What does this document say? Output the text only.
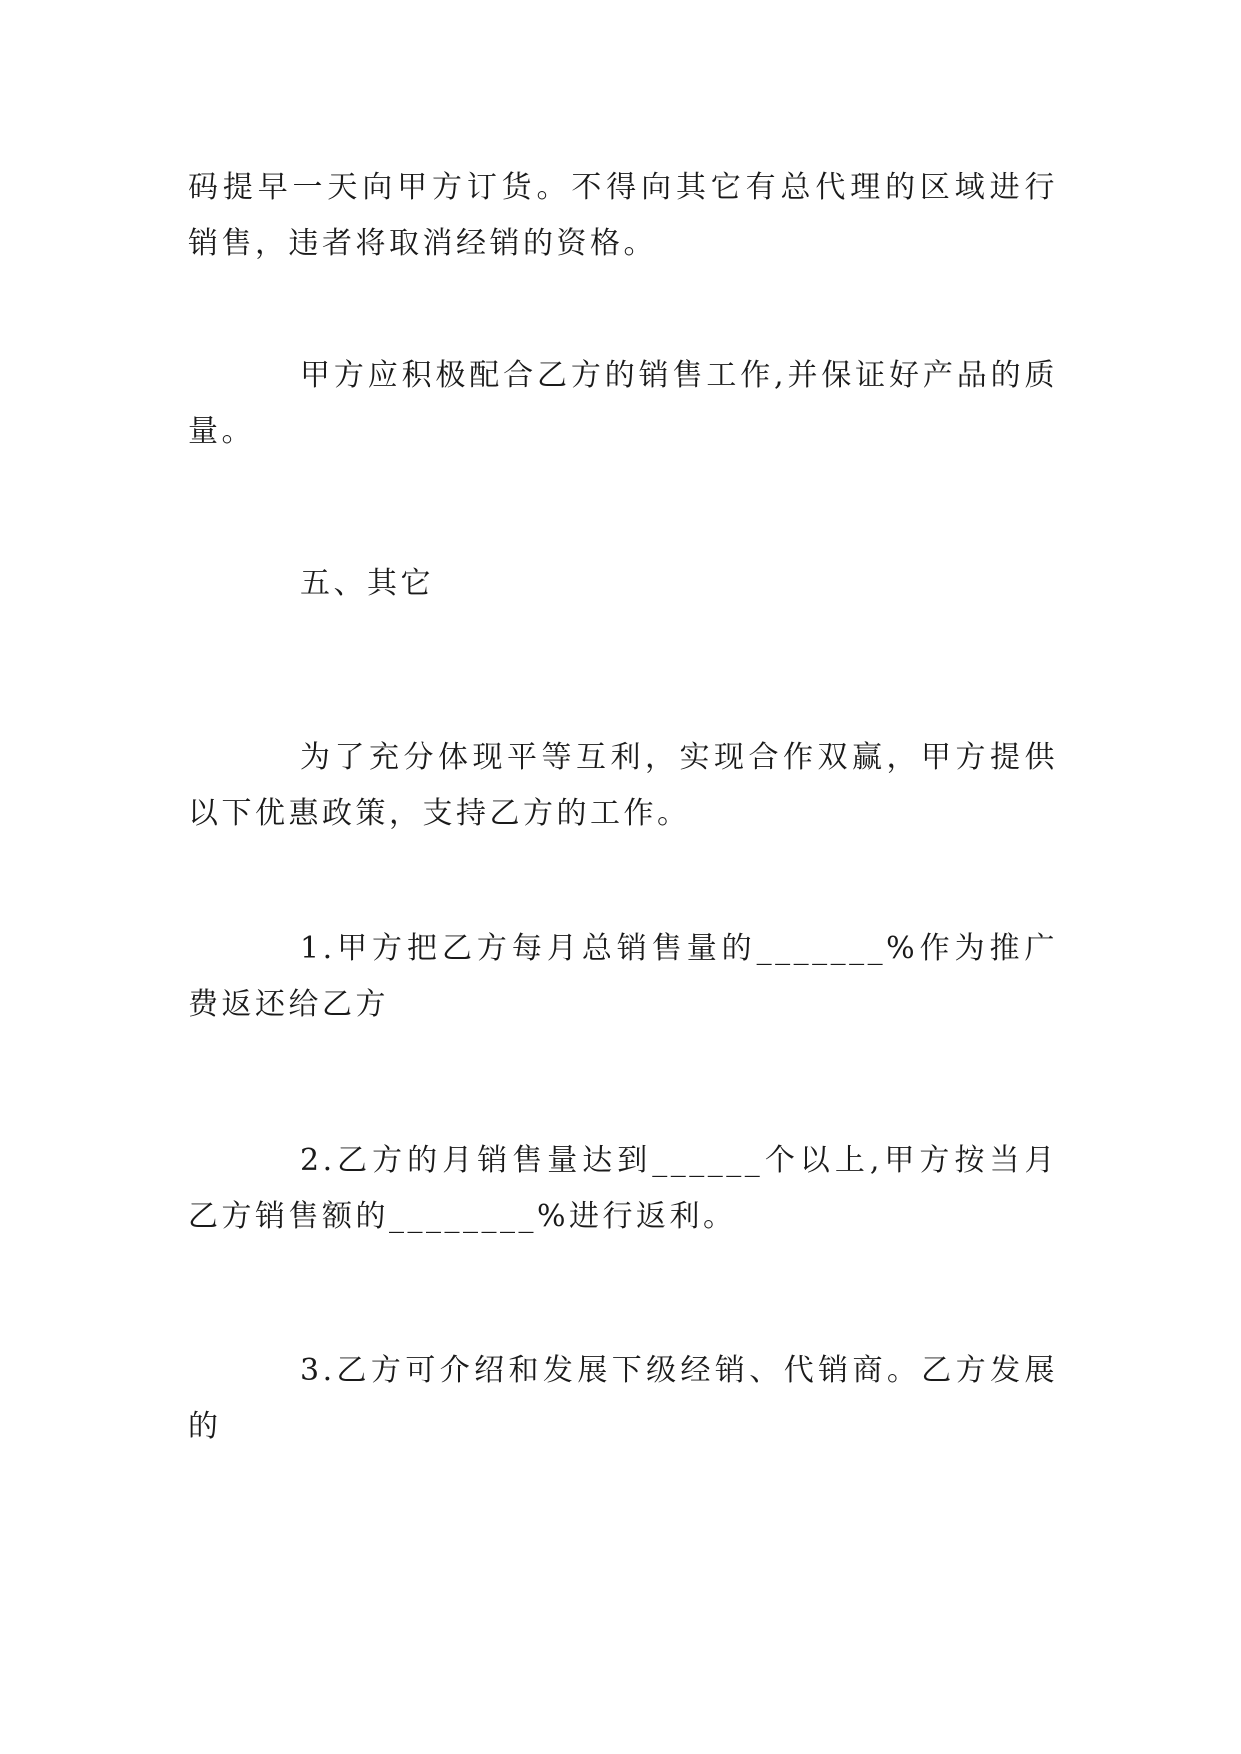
码提早一天向甲方订货。不得向其它有总代理的区域进行销售，违者将取消经销的资格。

甲方应积极配合乙方的销售工作,并保证好产品的质量。

五、其它

为了充分体现平等互利，实现合作双赢，甲方提供以下优惠政策，支持乙方的工作。

1.甲方把乙方每月总销售量的_______%作为推广费返还给乙方

2.乙方的月销售量达到______个以上,甲方按当月乙方销售额的________%进行返利。

3.乙方可介绍和发展下级经销、代销商。乙方发展的
